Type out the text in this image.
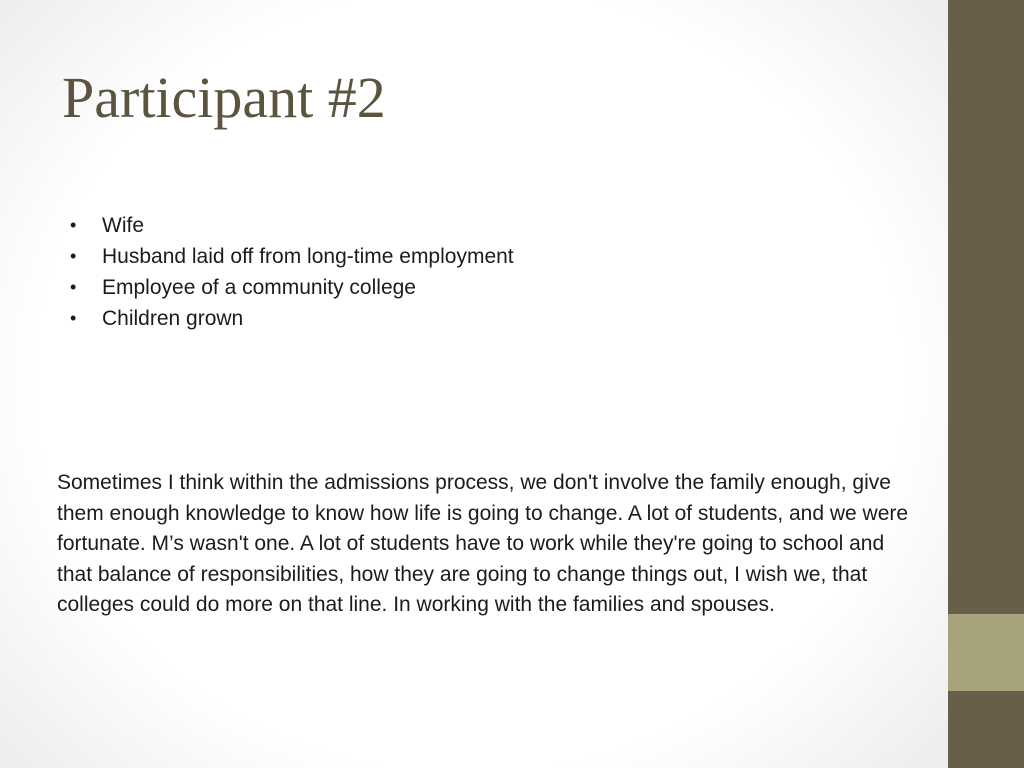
Participant #2
• Wife
• Husband laid off from long-time employment
• Employee of a community college
• Children grown

Sometimes I think within the admissions process, we don't involve the family enough, give them enough knowledge to know how life is going to change. A lot of students, and we were fortunate. M’s wasn't one. A lot of students have to work while they're going to school and that balance of responsibilities, how they are going to change things out, I wish we, that colleges could do more on that line. In working with the families and spouses.
